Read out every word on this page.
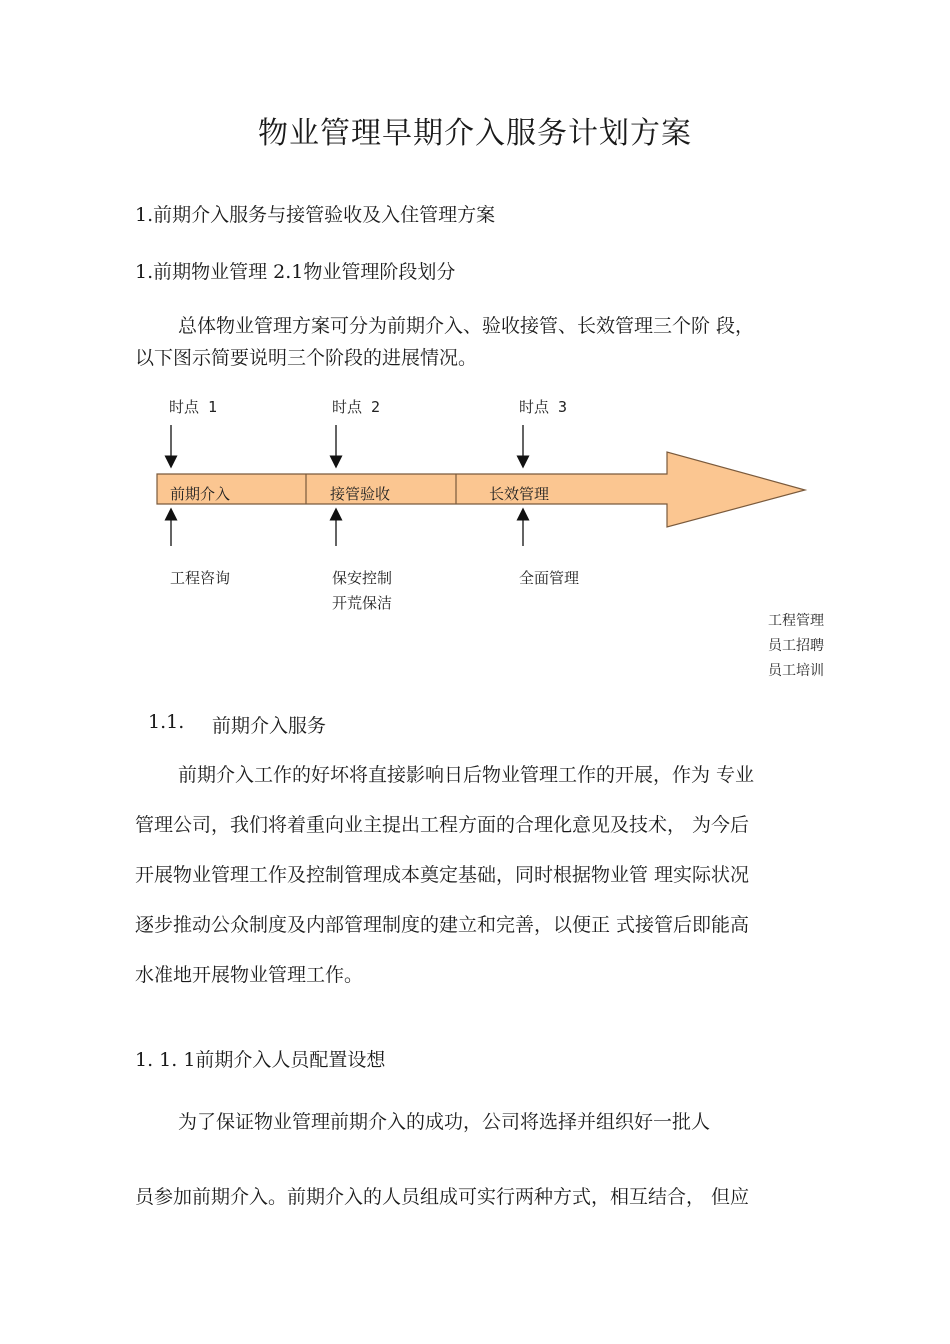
物业管理早期介入服务计划方案
1.前期介入服务与接管验收及入住管理方案
1.前期物业管理 2.1物业管理阶段划分
总体物业管理方案可分为前期介入、验收接管、长效管理三个阶 段，
以下图示简要说明三个阶段的进展情况。
时点 1	时点 2	时点 3
前期介入	接管验收	长效管理
工程咨询	保安控制
开荒保洁
全面管理
工程管理
员工招聘
员工培训
1.1. 前期介入服务
前期介入工作的好坏将直接影响日后物业管理工作的开展，作为 专业
管理公司，我们将着重向业主提出工程方面的合理化意见及技术， 为今后
开展物业管理工作及控制管理成本奠定基础，同时根据物业管 理实际状况
逐步推动公众制度及内部管理制度的建立和完善，以便正 式接管后即能高
水准地开展物业管理工作。
1. 1. 1前期介入人员配置设想
为了保证物业管理前期介入的成功，公司将选择并组织好一批人
员参加前期介入。前期介入的人员组成可实行两种方式，相互结合， 但应
